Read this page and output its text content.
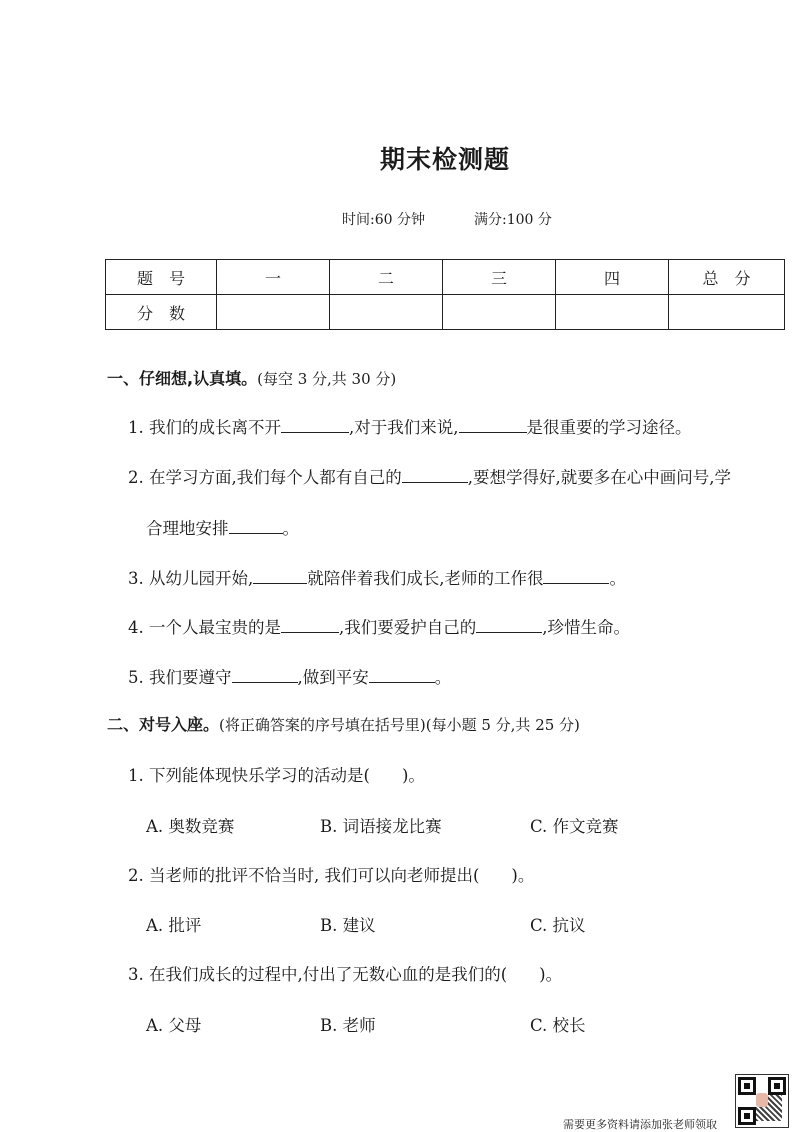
期末检测题
时间:60 分钟	满分:100 分
题　号	一	二	三	四	总　分
分　数					
一、仔细想,认真填。(每空 3 分,共 30 分)
1. 我们的成长离不开	,对于我们来说,	是很重要的学习途径。
2. 在学习方面,我们每个人都有自己的	,要想学得好,就要多在心中画问号,学
合理地安排	。
3. 从幼儿园开始,	就陪伴着我们成长,老师的工作很	。
4. 一个人最宝贵的是	,我们要爱护自己的	,珍惜生命。
5. 我们要遵守	,做到平安	。
二、对号入座。(将正确答案的序号填在括号里)(每小题 5 分,共 25 分)
1. 下列能体现快乐学习的活动是( )。
A. 奥数竞赛	B. 词语接龙比赛	C. 作文竞赛
2. 当老师的批评不恰当时, 我们可以向老师提出( )。
A. 批评	B. 建议	C. 抗议
3. 在我们成长的过程中,付出了无数心血的是我们的( )。
A. 父母	B. 老师	C. 校长
需要更多资料请添加张老师领取
